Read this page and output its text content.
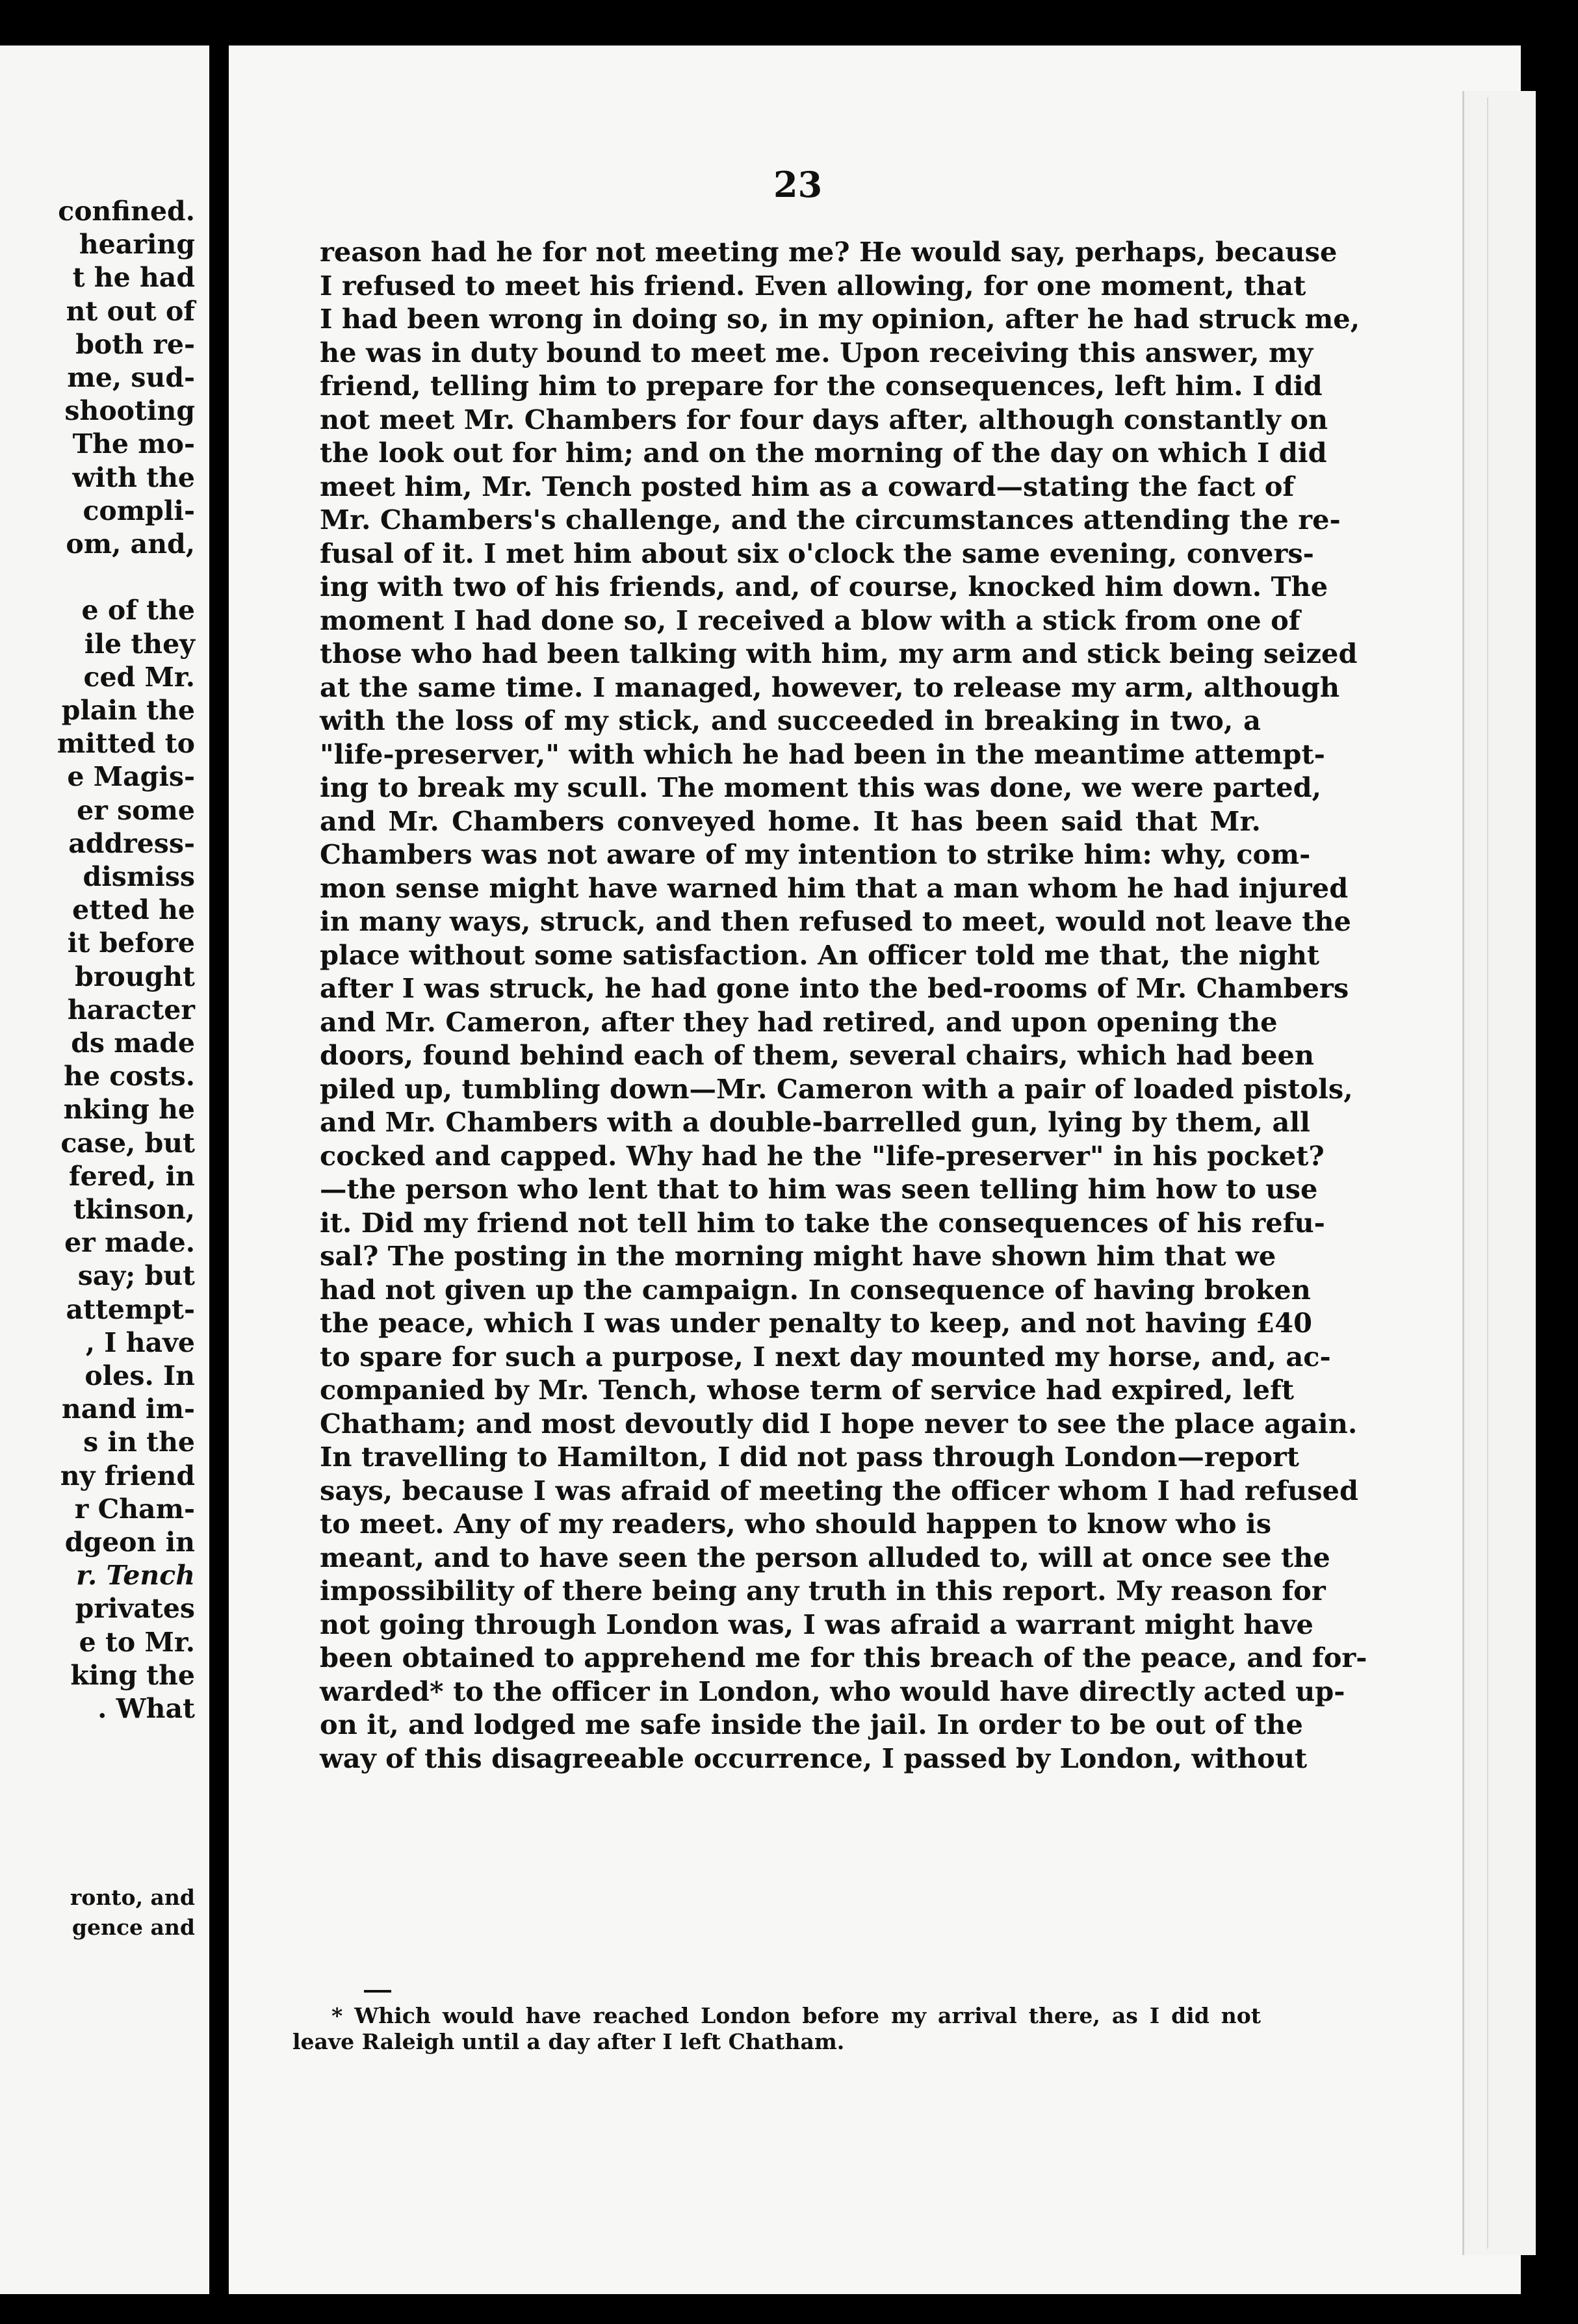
confined.
hearing
t he had
nt out of
both re-
me, sud-
shooting
The mo-
with the
compli-
om, and,
e of the
ile they
ced Mr.
plain the
mitted to
e Magis-
er some
address-
dismiss
etted he
it before
brought
haracter
ds made
he costs.
nking he
case, but
fered, in
tkinson,
er made.
say; but
attempt-
, I have
oles. In
nand im-
s in the
ny friend
r Cham-
dgeon in
r. Tench
privates
e to Mr.
king the
. What
ronto, and
gence and
23
reason had he for not meeting me? He would say, perhaps, because
I refused to meet his friend. Even allowing, for one moment, that
I had been wrong in doing so, in my opinion, after he had struck me,
he was in duty bound to meet me. Upon receiving this answer, my
friend, telling him to prepare for the consequences, left him. I did
not meet Mr. Chambers for four days after, although constantly on
the look out for him; and on the morning of the day on which I did
meet him, Mr. Tench posted him as a coward—stating the fact of
Mr. Chambers's challenge, and the circumstances attending the re-
fusal of it. I met him about six o'clock the same evening, convers-
ing with two of his friends, and, of course, knocked him down. The
moment I had done so, I received a blow with a stick from one of
those who had been talking with him, my arm and stick being seized
at the same time. I managed, however, to release my arm, although
with the loss of my stick, and succeeded in breaking in two, a
"life-preserver," with which he had been in the meantime attempt-
ing to break my scull. The moment this was done, we were parted,
and Mr. Chambers conveyed home. It has been said that Mr.
Chambers was not aware of my intention to strike him: why, com-
mon sense might have warned him that a man whom he had injured
in many ways, struck, and then refused to meet, would not leave the
place without some satisfaction. An officer told me that, the night
after I was struck, he had gone into the bed-rooms of Mr. Chambers
and Mr. Cameron, after they had retired, and upon opening the
doors, found behind each of them, several chairs, which had been
piled up, tumbling down—Mr. Cameron with a pair of loaded pistols,
and Mr. Chambers with a double-barrelled gun, lying by them, all
cocked and capped. Why had he the "life-preserver" in his pocket?
—the person who lent that to him was seen telling him how to use
it. Did my friend not tell him to take the consequences of his refu-
sal? The posting in the morning might have shown him that we
had not given up the campaign. In consequence of having broken
the peace, which I was under penalty to keep, and not having £40
to spare for such a purpose, I next day mounted my horse, and, ac-
companied by Mr. Tench, whose term of service had expired, left
Chatham; and most devoutly did I hope never to see the place again.
In travelling to Hamilton, I did not pass through London—report
says, because I was afraid of meeting the officer whom I had refused
to meet. Any of my readers, who should happen to know who is
meant, and to have seen the person alluded to, will at once see the
impossibility of there being any truth in this report. My reason for
not going through London was, I was afraid a warrant might have
been obtained to apprehend me for this breach of the peace, and for-
warded* to the officer in London, who would have directly acted up-
on it, and lodged me safe inside the jail. In order to be out of the
way of this disagreeable occurrence, I passed by London, without
* Which would have reached London before my arrival there, as I did not
leave Raleigh until a day after I left Chatham.
